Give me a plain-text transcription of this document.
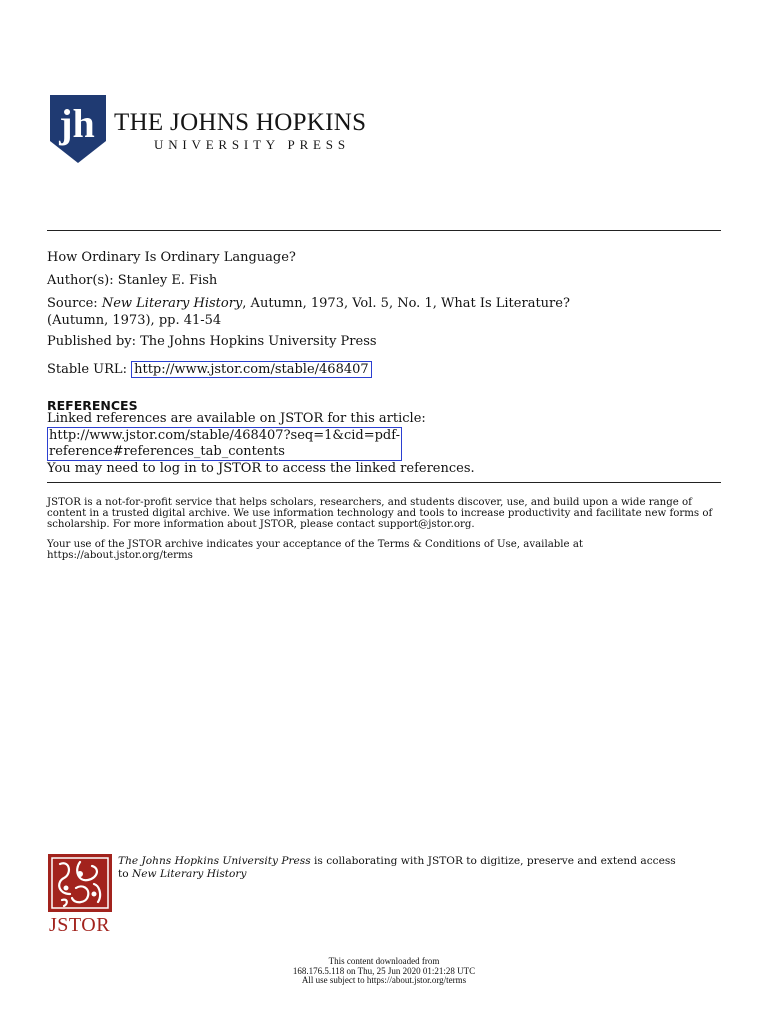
jh THE JOHNS HOPKINS
UNIVERSITY PRESS
How Ordinary Is Ordinary Language?
Author(s): Stanley E. Fish
Source: New Literary History, Autumn, 1973, Vol. 5, No. 1, What Is Literature?
(Autumn, 1973), pp. 41-54
Published by: The Johns Hopkins University Press
Stable URL: http://www.jstor.com/stable/468407
REFERENCES
Linked references are available on JSTOR for this article:
http://www.jstor.com/stable/468407?seq=1&cid=pdf-
reference#references_tab_contents
You may need to log in to JSTOR to access the linked references.
JSTOR is a not-for-profit service that helps scholars, researchers, and students discover, use, and build upon a wide range of content in a trusted digital archive. We use information technology and tools to increase productivity and facilitate new forms of scholarship. For more information about JSTOR, please contact support@jstor.org.
Your use of the JSTOR archive indicates your acceptance of the Terms & Conditions of Use, available at https://about.jstor.org/terms
JSTOR
The Johns Hopkins University Press is collaborating with JSTOR to digitize, preserve and extend access to New Literary History
This content downloaded from
168.176.5.118 on Thu, 25 Jun 2020 01:21:28 UTC
All use subject to https://about.jstor.org/terms
